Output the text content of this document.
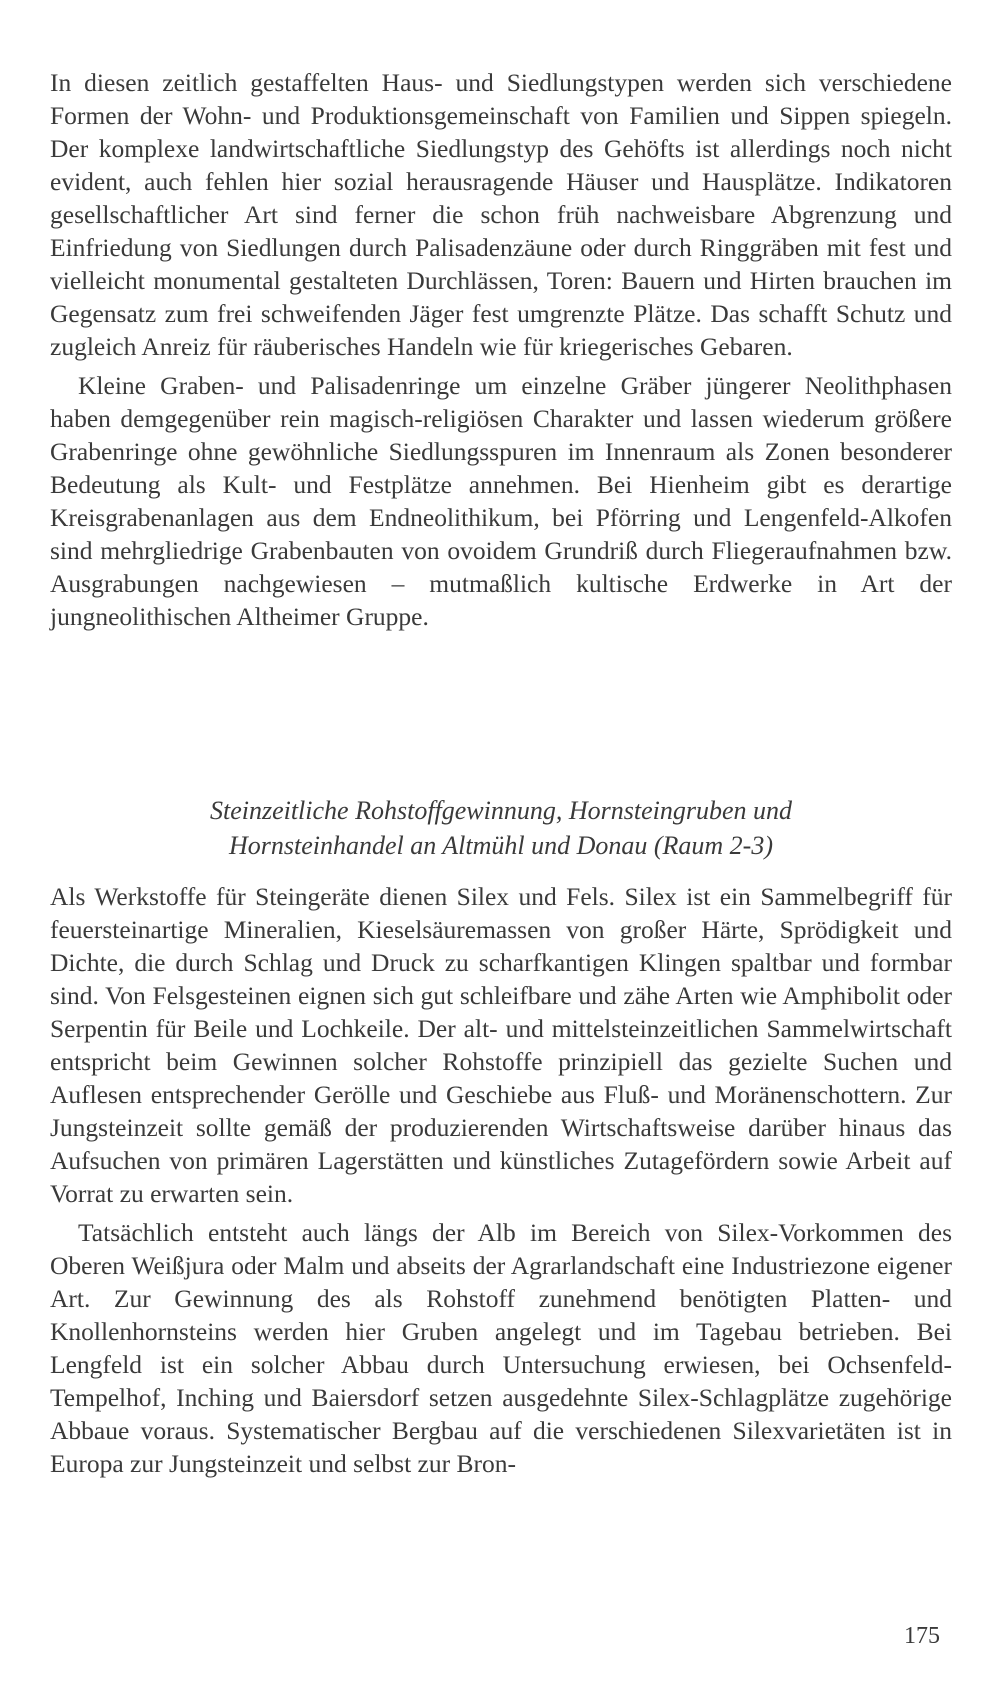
In diesen zeitlich gestaffelten Haus- und Siedlungstypen werden sich verschiedene Formen der Wohn- und Produktionsgemeinschaft von Familien und Sippen spiegeln. Der komplexe landwirtschaftliche Siedlungstyp des Gehöfts ist allerdings noch nicht evident, auch fehlen hier sozial herausragende Häuser und Hausplätze. Indikatoren gesellschaftlicher Art sind ferner die schon früh nachweisbare Abgrenzung und Einfriedung von Siedlungen durch Palisadenzäune oder durch Ringgräben mit fest und vielleicht monumental gestalteten Durchlässen, Toren: Bauern und Hirten brauchen im Gegensatz zum frei schweifenden Jäger fest umgrenzte Plätze. Das schafft Schutz und zugleich Anreiz für räuberisches Handeln wie für kriegerisches Gebaren.

Kleine Graben- und Palisadenringe um einzelne Gräber jüngerer Neolithphasen haben demgegenüber rein magisch-religiösen Charakter und lassen wiederum größere Grabenringe ohne gewöhnliche Siedlungsspuren im Innenraum als Zonen besonderer Bedeutung als Kult- und Festplätze annehmen. Bei Hienheim gibt es derartige Kreisgrabenanlagen aus dem Endneolithikum, bei Pförring und Lengenfeld-Alkofen sind mehrgliedrige Grabenbauten von ovoidem Grundriß durch Fliegeraufnahmen bzw. Ausgrabungen nachgewiesen – mutmaßlich kultische Erdwerke in Art der jungneolithischen Altheimer Gruppe.

Steinzeitliche Rohstoffgewinnung, Hornsteingruben und
Hornsteinhandel an Altmühl und Donau (Raum 2-3)

Als Werkstoffe für Steingeräte dienen Silex und Fels. Silex ist ein Sammelbegriff für feuersteinartige Mineralien, Kieselsäuremassen von großer Härte, Sprödigkeit und Dichte, die durch Schlag und Druck zu scharfkantigen Klingen spaltbar und formbar sind. Von Felsgesteinen eignen sich gut schleifbare und zähe Arten wie Amphibolit oder Serpentin für Beile und Lochkeile. Der alt- und mittelsteinzeitlichen Sammelwirtschaft entspricht beim Gewinnen solcher Rohstoffe prinzipiell das gezielte Suchen und Auflesen entsprechender Gerölle und Geschiebe aus Fluß- und Moränenschottern. Zur Jungsteinzeit sollte gemäß der produzierenden Wirtschaftsweise darüber hinaus das Aufsuchen von primären Lagerstätten und künstliches Zutagefördern sowie Arbeit auf Vorrat zu erwarten sein.

Tatsächlich entsteht auch längs der Alb im Bereich von Silex-Vorkommen des Oberen Weißjura oder Malm und abseits der Agrarlandschaft eine Industriezone eigener Art. Zur Gewinnung des als Rohstoff zunehmend benötigten Platten- und Knollenhornsteins werden hier Gruben angelegt und im Tagebau betrieben. Bei Lengfeld ist ein solcher Abbau durch Untersuchung erwiesen, bei Ochsenfeld-Tempelhof, Inching und Baiersdorf setzen ausgedehnte Silex-Schlagplätze zugehörige Abbaue voraus. Systematischer Bergbau auf die verschiedenen Silexvarietäten ist in Europa zur Jungsteinzeit und selbst zur Bron-

175
